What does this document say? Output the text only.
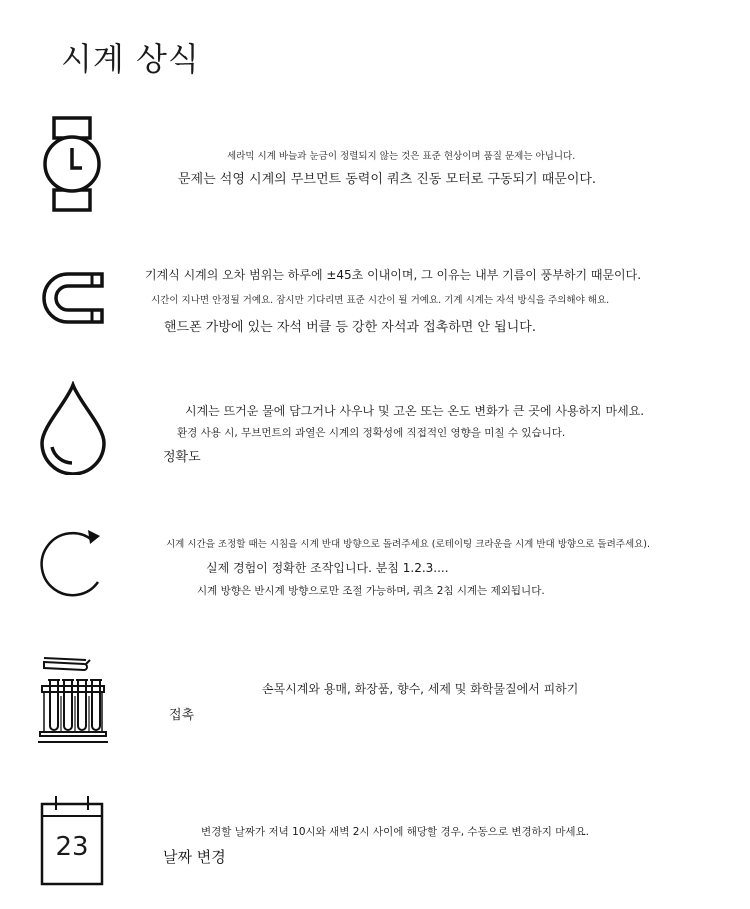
시계 상식
세라믹 시계 바늘과 눈금이 정렬되지 않는 것은 표준 현상이며 품질 문제는 아닙니다.
문제는 석영 시계의 무브먼트 동력이 쿼츠 진동 모터로 구동되기 때문이다.
기계식 시계의 오차 범위는 하루에 ±45초 이내이며, 그 이유는 내부 기름이 풍부하기 때문이다.
시간이 지나면 안정될 거예요. 잠시만 기다리면 표준 시간이 될 거예요. 기계 시계는 자석 방식을 주의해야 해요.
핸드폰 가방에 있는 자석 버클 등 강한 자석과 접촉하면 안 됩니다.
시계는 뜨거운 물에 담그거나 사우나 및 고온 또는 온도 변화가 큰 곳에 사용하지 마세요.
환경 사용 시, 무브먼트의 과열은 시계의 정확성에 직접적인 영향을 미칠 수 있습니다.
정확도
시계 시간을 조정할 때는 시침을 시계 반대 방향으로 돌려주세요 (로테이팅 크라운을 시계 반대 방향으로 돌려주세요).
실제 경험이 정확한 조작입니다. 분침 1.2.3....
시계 방향은 반시계 방향으로만 조절 가능하며, 쿼츠 2침 시계는 제외됩니다.
손목시계와 용매, 화장품, 향수, 세제 및 화학물질에서 피하기
접촉
23	변경할 날짜가 저녁 10시와 새벽 2시 사이에 해당할 경우, 수동으로 변경하지 마세요.
날짜 변경
